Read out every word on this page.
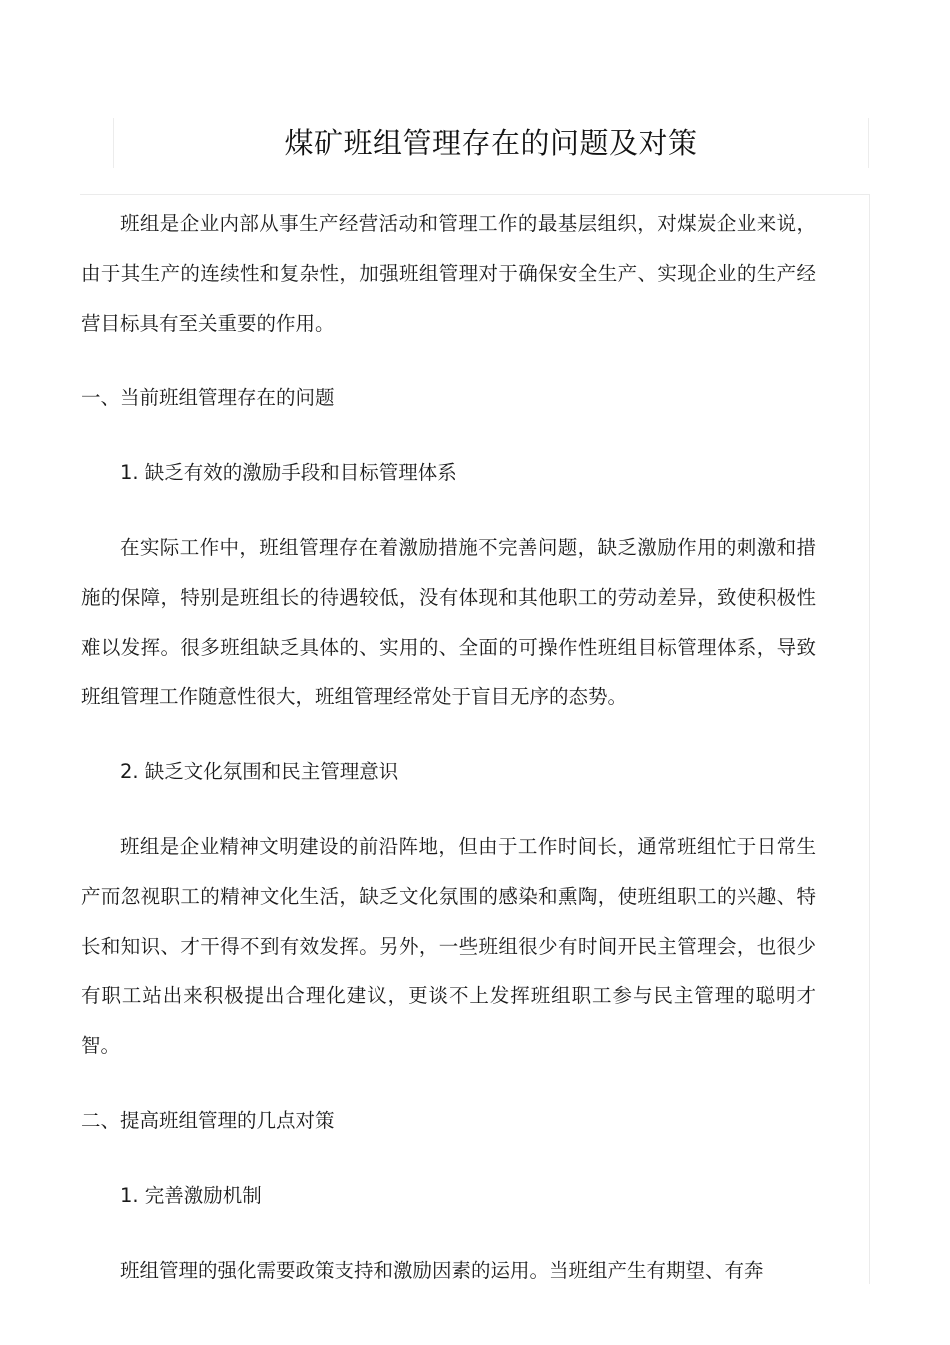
煤矿班组管理存在的问题及对策

班组是企业内部从事生产经营活动和管理工作的最基层组织，对煤炭企业来说，由于其生产的连续性和复杂性，加强班组管理对于确保安全生产、实现企业的生产经营目标具有至关重要的作用。

一、当前班组管理存在的问题

1. 缺乏有效的激励手段和目标管理体系

在实际工作中，班组管理存在着激励措施不完善问题，缺乏激励作用的刺激和措施的保障，特别是班组长的待遇较低，没有体现和其他职工的劳动差异，致使积极性难以发挥。很多班组缺乏具体的、实用的、全面的可操作性班组目标管理体系，导致班组管理工作随意性很大，班组管理经常处于盲目无序的态势。

2. 缺乏文化氛围和民主管理意识

班组是企业精神文明建设的前沿阵地，但由于工作时间长，通常班组忙于日常生产而忽视职工的精神文化生活，缺乏文化氛围的感染和熏陶，使班组职工的兴趣、特长和知识、才干得不到有效发挥。另外，一些班组很少有时间开民主管理会，也很少有职工站出来积极提出合理化建议，更谈不上发挥班组职工参与民主管理的聪明才智。

二、提高班组管理的几点对策

1. 完善激励机制

班组管理的强化需要政策支持和激励因素的运用。当班组产生有期望、有奔
